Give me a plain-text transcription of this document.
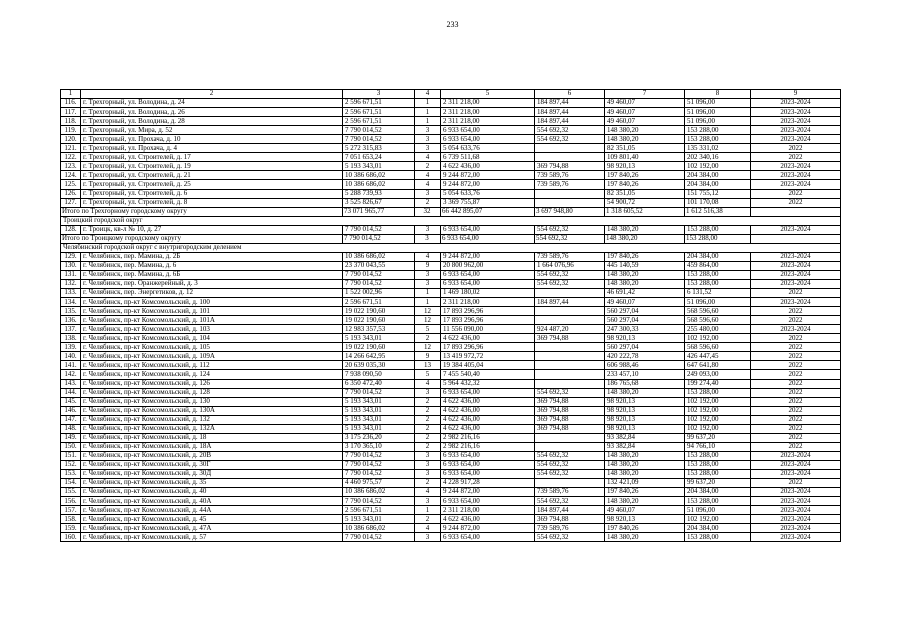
233
1	2	3	4	5	6	7	8	9
116.	г. Трехгорный, ул. Володина, д. 24	2 596 671,51	1	2 311 218,00	184 897,44	49 460,07	51 096,00	2023-2024
117.	г. Трехгорный, ул. Володина, д. 26	2 596 671,51	1	2 311 218,00	184 897,44	49 460,07	51 096,00	2023-2024
118.	г. Трехгорный, ул. Володина, д. 28	2 596 671,51	1	2 311 218,00	184 897,44	49 460,07	51 096,00	2023-2024
119.	г. Трехгорный, ул. Мира, д. 52	7 790 014,52	3	6 933 654,00	554 692,32	148 380,20	153 288,00	2023-2024
120.	г. Трехгорный, ул. Прохача, д. 10	7 790 014,52	3	6 933 654,00	554 692,32	148 380,20	153 288,00	2023-2024
121.	г. Трехгорный, ул. Прохача, д. 4	5 272 315,83	3	5 054 633,76		82 351,05	135 331,02	2022
122.	г. Трехгорный, ул. Строителей, д. 17	7 051 653,24	4	6 739 511,68		109 801,40	202 340,16	2022
123.	г. Трехгорный, ул. Строителей, д. 19	5 193 343,01	2	4 622 436,00	369 794,88	98 920,13	102 192,00	2023-2024
124.	г. Трехгорный, ул. Строителей, д. 21	10 386 686,02	4	9 244 872,00	739 589,76	197 840,26	204 384,00	2023-2024
125.	г. Трехгорный, ул. Строителей, д. 25	10 386 686,02	4	9 244 872,00	739 589,76	197 840,26	204 384,00	2023-2024
126.	г. Трехгорный, ул. Строителей, д. 6	5 288 739,93	3	5 054 633,76		82 351,05	151 755,12	2022
127.	г. Трехгорный, ул. Строителей, д. 8	3 525 826,67	2	3 369 755,87		54 900,72	101 170,08	2022
Итого по Трехгорному городскому округу		73 071 965,77	32	66 442 895,07	3 697 948,80	1 318 605,52	1 612 516,38	
Троицкий городской округ								
128.	г. Троицк, кв-л № 10, д. 27	7 790 014,52	3	6 933 654,00	554 692,32	148 380,20	153 288,00	2023-2024
Итого по Троицкому городскому округу		7 790 014,52	3	6 933 654,00	554 692,32	148 380,20	153 288,00	
Челябинский городской округ с внутригородским делением								
129.	г. Челябинск, пер. Мамина, д. 2Б	10 386 686,02	4	9 244 872,00	739 589,76	197 840,26	204 384,00	2023-2024
130.	г. Челябинск, пер. Мамина, д. 6	23 370 043,55	9	20 800 962,00	1 664 076,96	445 140,59	459 864,00	2023-2024
131.	г. Челябинск, пер. Мамина, д. 6Б	7 790 014,52	3	6 933 654,00	554 692,32	148 380,20	153 288,00	2023-2024
132.	г. Челябинск, пер. Оранжерейный, д. 3	7 790 014,52	3	6 933 654,00	554 692,32	148 380,20	153 288,00	2023-2024
133.	г. Челябинск, пер. Энергетиков, д. 12	1 522 002,96	1	1 469 180,02		46 691,42	6 131,52	2022
134.	г. Челябинск, пр-кт Комсомольский, д. 100	2 596 671,51	1	2 311 218,00	184 897,44	49 460,07	51 096,00	2023-2024
135.	г. Челябинск, пр-кт Комсомольский, д. 101	19 022 190,60	12	17 893 296,96		560 297,04	568 596,60	2022
136.	г. Челябинск, пр-кт Комсомольский, д. 101А	19 022 190,60	12	17 893 296,96		560 297,04	568 596,60	2022
137.	г. Челябинск, пр-кт Комсомольский, д. 103	12 983 357,53	5	11 556 090,00	924 487,20	247 300,33	255 480,00	2023-2024
138.	г. Челябинск, пр-кт Комсомольский, д. 104	5 193 343,01	2	4 622 436,00	369 794,88	98 920,13	102 192,00	2022
139.	г. Челябинск, пр-кт Комсомольский, д. 105	19 022 190,60	12	17 893 296,96		560 297,04	568 596,60	2022
140.	г. Челябинск, пр-кт Комсомольский, д. 109А	14 266 642,95	9	13 419 972,72		420 222,78	426 447,45	2022
141.	г. Челябинск, пр-кт Комсомольский, д. 112	20 639 035,30	13	19 384 405,04		606 988,46	647 641,80	2022
142.	г. Челябинск, пр-кт Комсомольский, д. 124	7 938 090,50	5	7 455 540,40		233 457,10	249 093,00	2022
143.	г. Челябинск, пр-кт Комсомольский, д. 126	6 350 472,40	4	5 964 432,32		186 765,68	199 274,40	2022
144.	г. Челябинск, пр-кт Комсомольский, д. 128	7 790 014,52	3	6 933 654,00	554 692,32	148 380,20	153 288,00	2022
145.	г. Челябинск, пр-кт Комсомольский, д. 130	5 193 343,01	2	4 622 436,00	369 794,88	98 920,13	102 192,00	2022
146.	г. Челябинск, пр-кт Комсомольский, д. 130А	5 193 343,01	2	4 622 436,00	369 794,88	98 920,13	102 192,00	2022
147.	г. Челябинск, пр-кт Комсомольский, д. 132	5 193 343,01	2	4 622 436,00	369 794,88	98 920,13	102 192,00	2022
148.	г. Челябинск, пр-кт Комсомольский, д. 132А	5 193 343,01	2	4 622 436,00	369 794,88	98 920,13	102 192,00	2022
149.	г. Челябинск, пр-кт Комсомольский, д. 18	3 175 236,20	2	2 982 216,16		93 382,84	99 637,20	2022
150.	г. Челябинск, пр-кт Комсомольский, д. 18А	3 170 365,10	2	2 982 216,16		93 382,84	94 766,10	2022
151.	г. Челябинск, пр-кт Комсомольский, д. 20В	7 790 014,52	3	6 933 654,00	554 692,32	148 380,20	153 288,00	2023-2024
152.	г. Челябинск, пр-кт Комсомольский, д. 30Г	7 790 014,52	3	6 933 654,00	554 692,32	148 380,20	153 288,00	2023-2024
153.	г. Челябинск, пр-кт Комсомольский, д. 30Д	7 790 014,52	3	6 933 654,00	554 692,32	148 380,20	153 288,00	2023-2024
154.	г. Челябинск, пр-кт Комсомольский, д. 35	4 460 975,57	2	4 228 917,28		132 421,09	99 637,20	2022
155.	г. Челябинск, пр-кт Комсомольский, д. 40	10 386 686,02	4	9 244 872,00	739 589,76	197 840,26	204 384,00	2023-2024
156.	г. Челябинск, пр-кт Комсомольский, д. 40А	7 790 014,52	3	6 933 654,00	554 692,32	148 380,20	153 288,00	2023-2024
157.	г. Челябинск, пр-кт Комсомольский, д. 44А	2 596 671,51	1	2 311 218,00	184 897,44	49 460,07	51 096,00	2023-2024
158.	г. Челябинск, пр-кт Комсомольский, д. 45	5 193 343,01	2	4 622 436,00	369 794,88	98 920,13	102 192,00	2023-2024
159.	г. Челябинск, пр-кт Комсомольский, д. 47А	10 386 686,02	4	9 244 872,00	739 589,76	197 840,26	204 384,00	2023-2024
160.	г. Челябинск, пр-кт Комсомольский, д. 57	7 790 014,52	3	6 933 654,00	554 692,32	148 380,20	153 288,00	2023-2024
